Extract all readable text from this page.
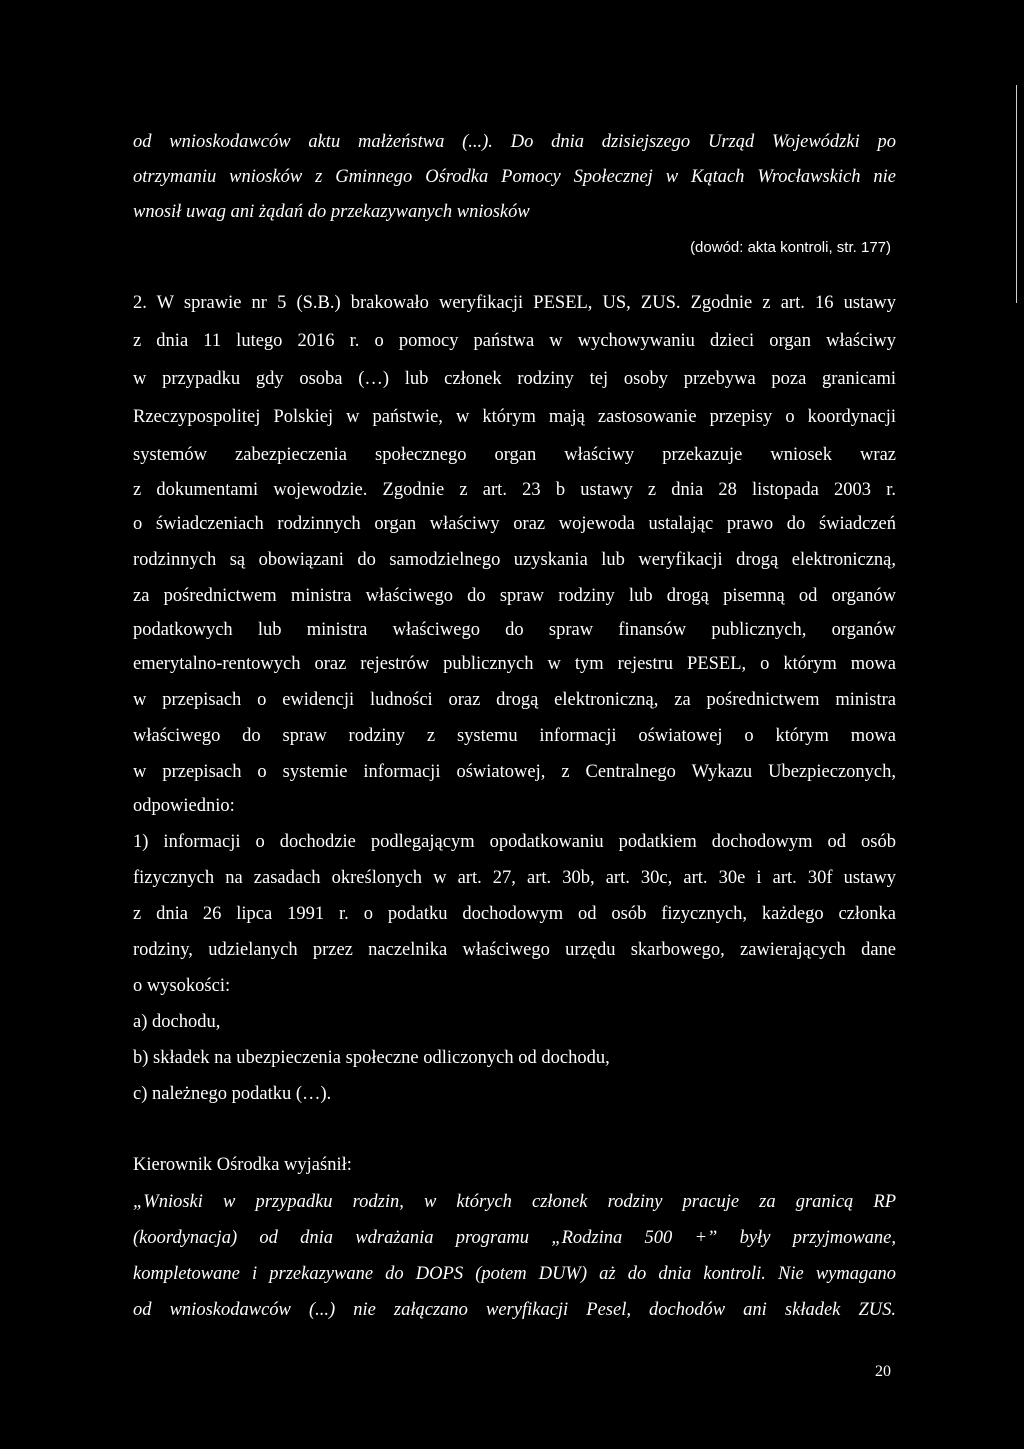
od wnioskodawców aktu małżeństwa (...). Do dnia dzisiejszego Urząd Wojewódzki po
otrzymaniu wniosków z Gminnego Ośrodka Pomocy Społecznej w Kątach Wrocławskich nie
wnosił uwag ani żądań do przekazywanych wniosków
(dowód: akta kontroli, str. 177)
2. W sprawie nr 5 (S.B.) brakowało weryfikacji PESEL, US, ZUS. Zgodnie z art. 16 ustawy
z dnia 11 lutego 2016 r. o pomocy państwa w wychowywaniu dzieci organ właściwy
w przypadku gdy osoba (…) lub członek rodziny tej osoby przebywa poza granicami
Rzeczypospolitej Polskiej w państwie, w którym mają zastosowanie przepisy o koordynacji
systemów zabezpieczenia społecznego organ właściwy przekazuje wniosek wraz
z dokumentami wojewodzie. Zgodnie z art. 23 b ustawy z dnia 28 listopada 2003 r.
o świadczeniach rodzinnych organ właściwy oraz wojewoda ustalając prawo do świadczeń
rodzinnych są obowiązani do samodzielnego uzyskania lub weryfikacji drogą elektroniczną,
za pośrednictwem ministra właściwego do spraw rodziny lub drogą pisemną od organów
podatkowych lub ministra właściwego do spraw finansów publicznych, organów
emerytalno-rentowych oraz rejestrów publicznych w tym rejestru PESEL, o którym mowa
w przepisach o ewidencji ludności oraz drogą elektroniczną, za pośrednictwem ministra
właściwego do spraw rodziny z systemu informacji oświatowej o którym mowa
w przepisach o systemie informacji oświatowej, z Centralnego Wykazu Ubezpieczonych,
odpowiednio:
1) informacji o dochodzie podlegającym opodatkowaniu podatkiem dochodowym od osób
fizycznych na zasadach określonych w art. 27, art. 30b, art. 30c, art. 30e i art. 30f ustawy
z dnia 26 lipca 1991 r. o podatku dochodowym od osób fizycznych, każdego członka
rodziny, udzielanych przez naczelnika właściwego urzędu skarbowego, zawierających dane
o wysokości:
a) dochodu,
b) składek na ubezpieczenia społeczne odliczonych od dochodu,
c) należnego podatku (…).
Kierownik Ośrodka wyjaśnił:
„Wnioski w przypadku rodzin, w których członek rodziny pracuje za granicą RP
(koordynacja) od dnia wdrażania programu „Rodzina 500 +” były przyjmowane,
kompletowane i przekazywane do DOPS (potem DUW) aż do dnia kontroli. Nie wymagano
od wnioskodawców (...) nie załączano weryfikacji Pesel, dochodów ani składek ZUS.
20
